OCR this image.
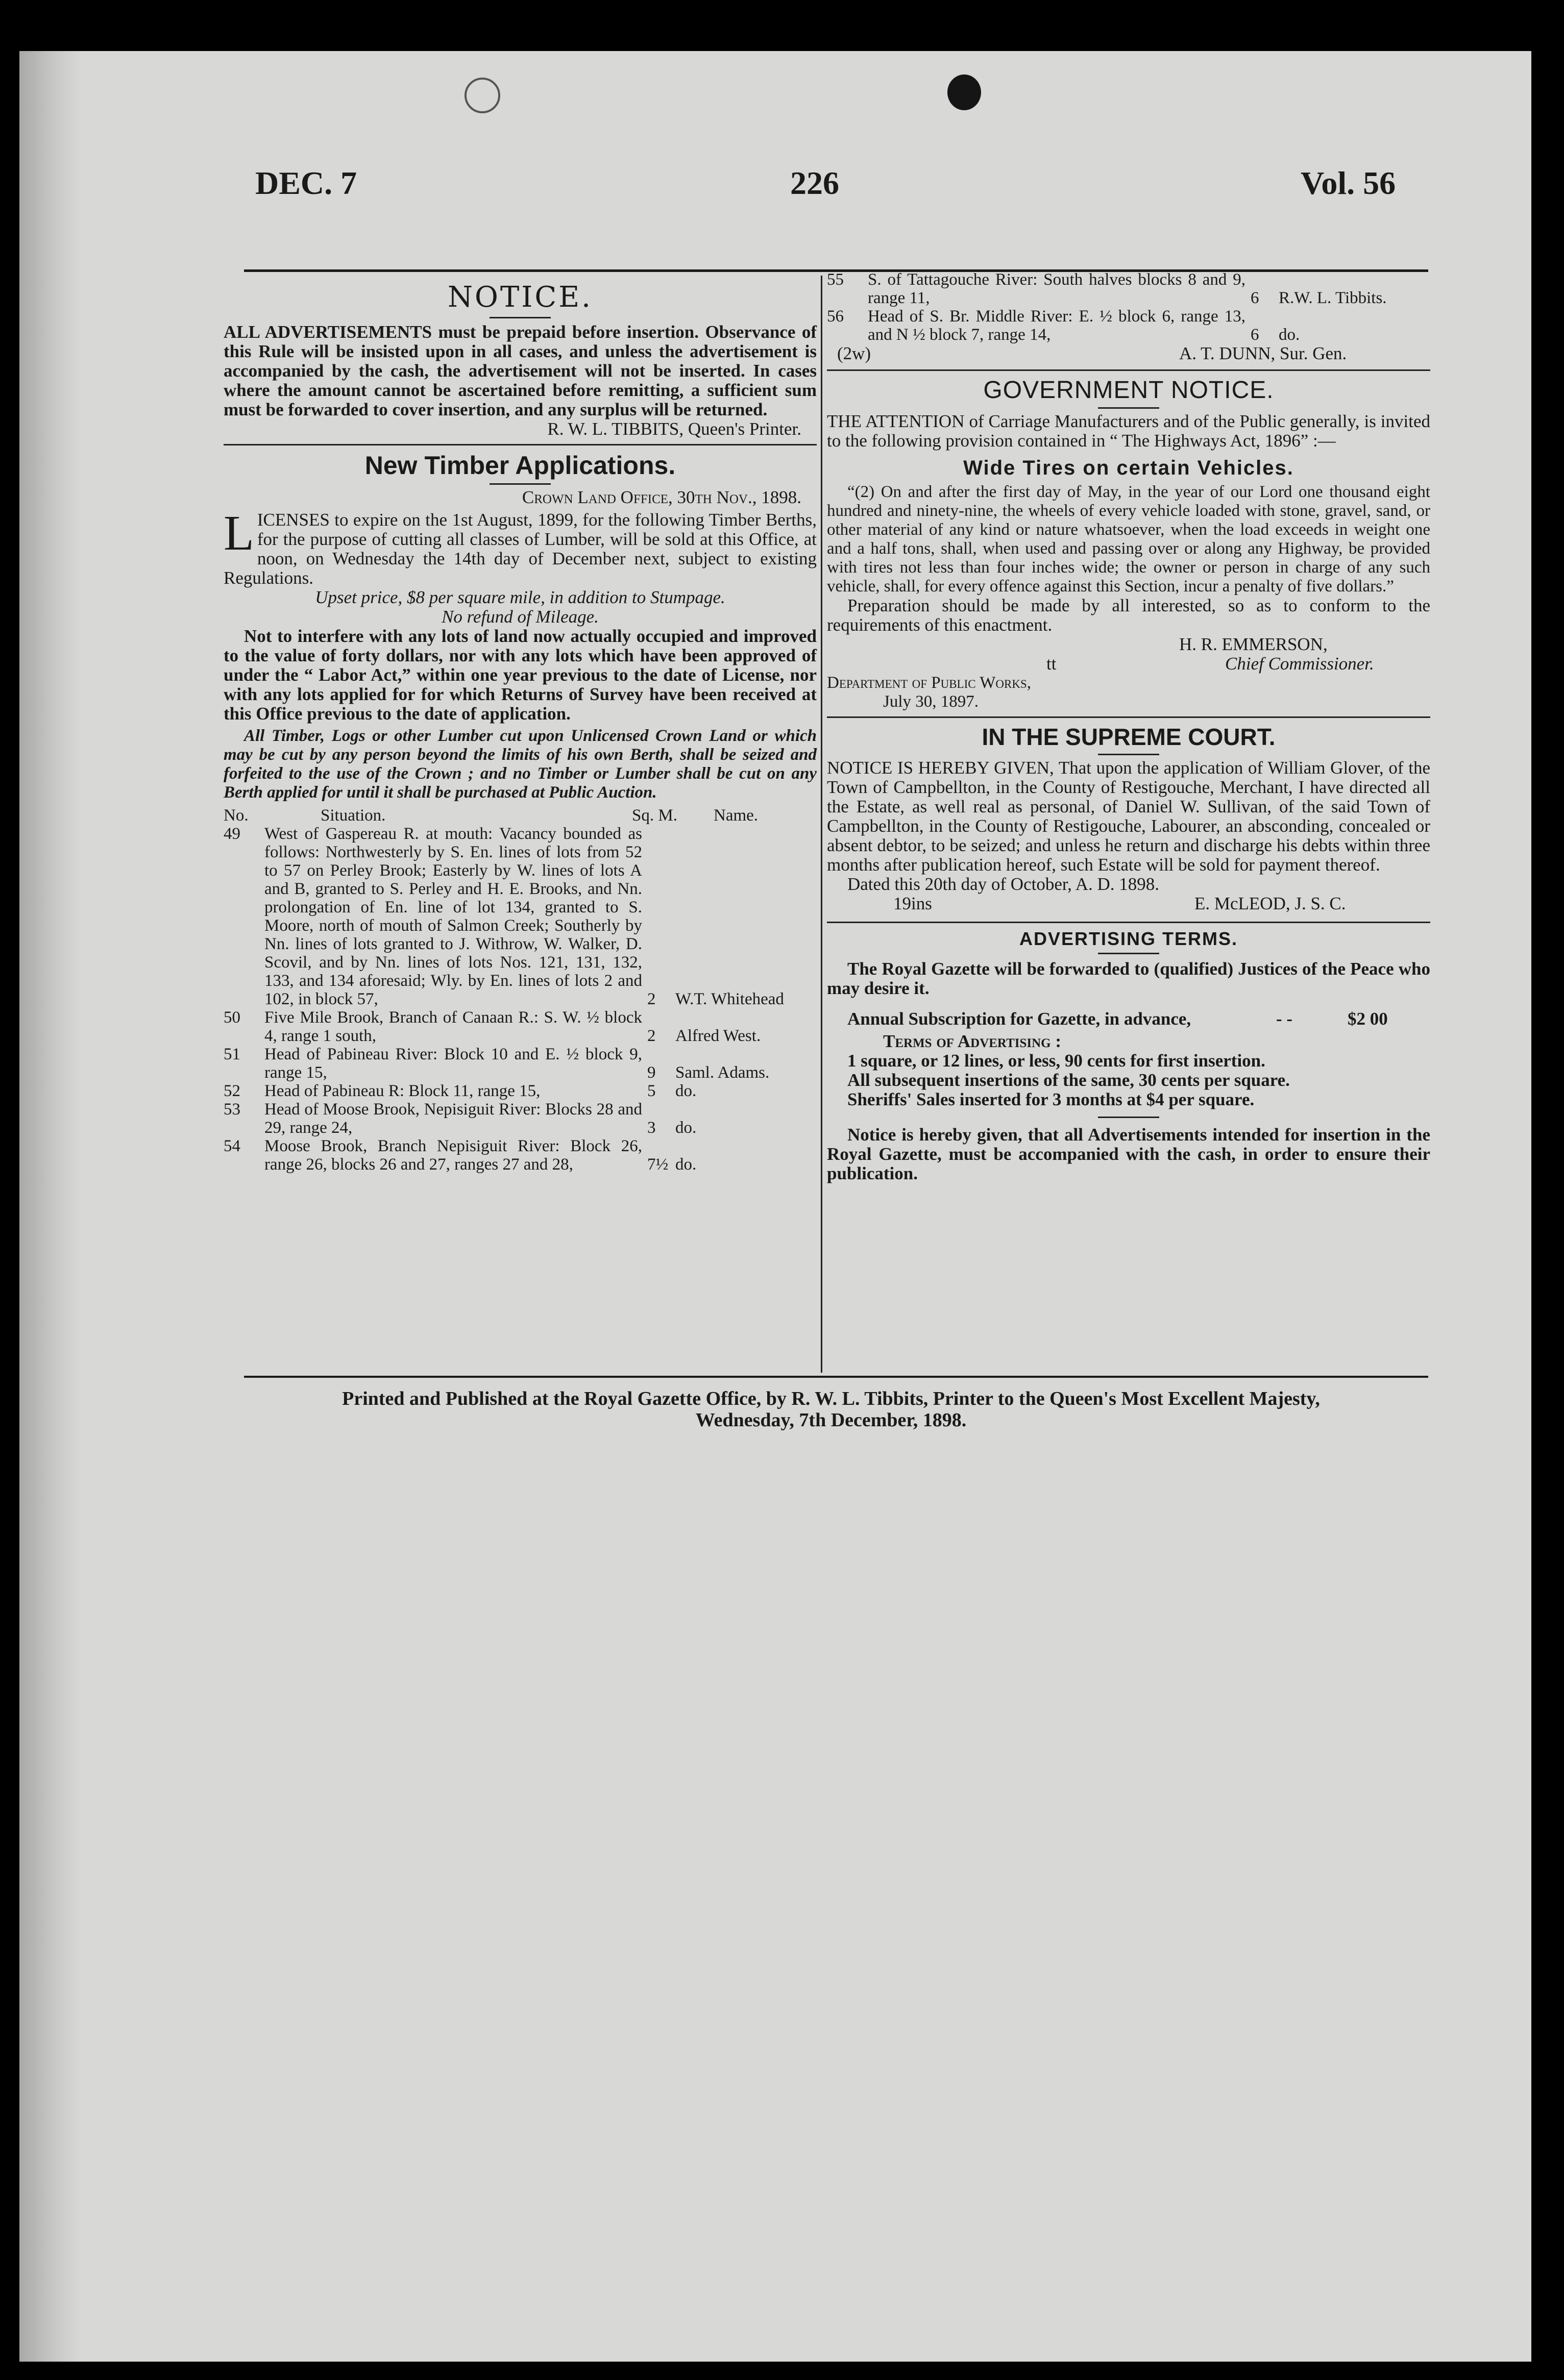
DEC. 7	226	Vol. 56
NOTICE.

ALL ADVERTISEMENTS must be prepaid before insertion. Observance of this Rule will be insisted upon in all cases, and unless the advertisement is accompanied by the cash, the advertisement will not be inserted. In cases where the amount cannot be ascertained before remitting, a sufficient sum must be forwarded to cover insertion, and any surplus will be returned.

R. W. L. TIBBITS, Queen's Printer.

New Timber Applications.

Crown Land Office, 30th Nov., 1898.

L ICENSES to expire on the 1st August, 1899, for the following Timber Berths, for the purpose of cutting all classes of Lumber, will be sold at this Office, at noon, on Wednesday the 14th day of December next, subject to existing Regulations.

Upset price, $8 per square mile, in addition to Stumpage.

No refund of Mileage.

Not to interfere with any lots of land now actually occupied and improved to the value of forty dollars, nor with any lots which have been approved of under the “ Labor Act,” within one year previous to the date of License, nor with any lots applied for for which Returns of Survey have been received at this Office previous to the date of application.

All Timber, Logs or other Lumber cut upon Unlicensed Crown Land or which may be cut by any person beyond the limits of his own Berth, shall be seized and forfeited to the use of the Crown ; and no Timber or Lumber shall be cut on any Berth applied for until it shall be purchased at Public Auction.

No.	Situation.	Sq. M.	Name.
49	West of Gaspereau R. at mouth: Vacancy bounded as follows: Northwesterly by S. En. lines of lots from 52 to 57 on Perley Brook; Easterly by W. lines of lots A and B, granted to S. Perley and H. E. Brooks, and Nn. prolongation of En. line of lot 134, granted to S. Moore, north of mouth of Salmon Creek; Southerly by Nn. lines of lots granted to J. Withrow, W. Walker, D. Scovil, and by Nn. lines of lots Nos. 121, 131, 132, 133, and 134 aforesaid; Wly. by En. lines of lots 2 and 102, in block 57,	2	W.T. Whitehead
50	Five Mile Brook, Branch of Canaan R.: S. W. ½ block 4, range 1 south,	2	Alfred West.
51	Head of Pabineau River: Block 10 and E. ½ block 9, range 15,	9	Saml. Adams.
52	Head of Pabineau R: Block 11, range 15,	5	do.
53	Head of Moose Brook, Nepisiguit River: Blocks 28 and 29, range 24,	3	do.
54	Moose Brook, Branch Nepisiguit River: Block 26, range 26, blocks 26 and 27, ranges 27 and 28,	7½ do.
55	S. of Tattagouche River: South halves blocks 8 and 9, range 11,	6	R.W. L. Tibbits.
56	Head of S. Br. Middle River: E. ½ block 6, range 13, and N ½ block 7, range 14,	6	do.
(2w)	A. T. DUNN, Sur. Gen.
GOVERNMENT NOTICE.

THE ATTENTION of Carriage Manufacturers and of the Public generally, is invited to the following provision contained in “ The Highways Act, 1896” :—

Wide Tires on certain Vehicles.

“(2) On and after the first day of May, in the year of our Lord one thousand eight hundred and ninety-nine, the wheels of every vehicle loaded with stone, gravel, sand, or other material of any kind or nature whatsoever, when the load exceeds in weight one and a half tons, shall, when used and passing over or along any Highway, be provided with tires not less than four inches wide; the owner or person in charge of any such vehicle, shall, for every offence against this Section, incur a penalty of five dollars.”

Preparation should be made by all interested, so as to conform to the requirements of this enactment.

H. R. EMMERSON,

tt	Chief Commissioner.

Department of Public Works,

July 30, 1897.

IN THE SUPREME COURT.

NOTICE IS HEREBY GIVEN, That upon the application of William Glover, of the Town of Campbellton, in the County of Restigouche, Merchant, I have directed all the Estate, as well real as personal, of Daniel W. Sullivan, of the said Town of Campbellton, in the County of Restigouche, Labourer, an absconding, concealed or absent debtor, to be seized; and unless he return and discharge his debts within three months after publication hereof, such Estate will be sold for payment thereof.

Dated this 20th day of October, A. D. 1898.

19ins	E. McLEOD, J. S. C.
ADVERTISING TERMS.

The Royal Gazette will be forwarded to (qualified) Justices of the Peace who may desire it.

Annual Subscription for Gazette, in advance,	- -	$2 00

Terms of Advertising :

1 square, or 12 lines, or less, 90 cents for first insertion.

All subsequent insertions of the same, 30 cents per square.

Sheriffs' Sales inserted for 3 months at $4 per square.

Notice is hereby given, that all Advertisements intended for insertion in the Royal Gazette, must be accompanied with the cash, in order to ensure their publication.

Printed and Published at the Royal Gazette Office, by R. W. L. Tibbits, Printer to the Queen's Most Excellent Majesty,
Wednesday, 7th December, 1898.
